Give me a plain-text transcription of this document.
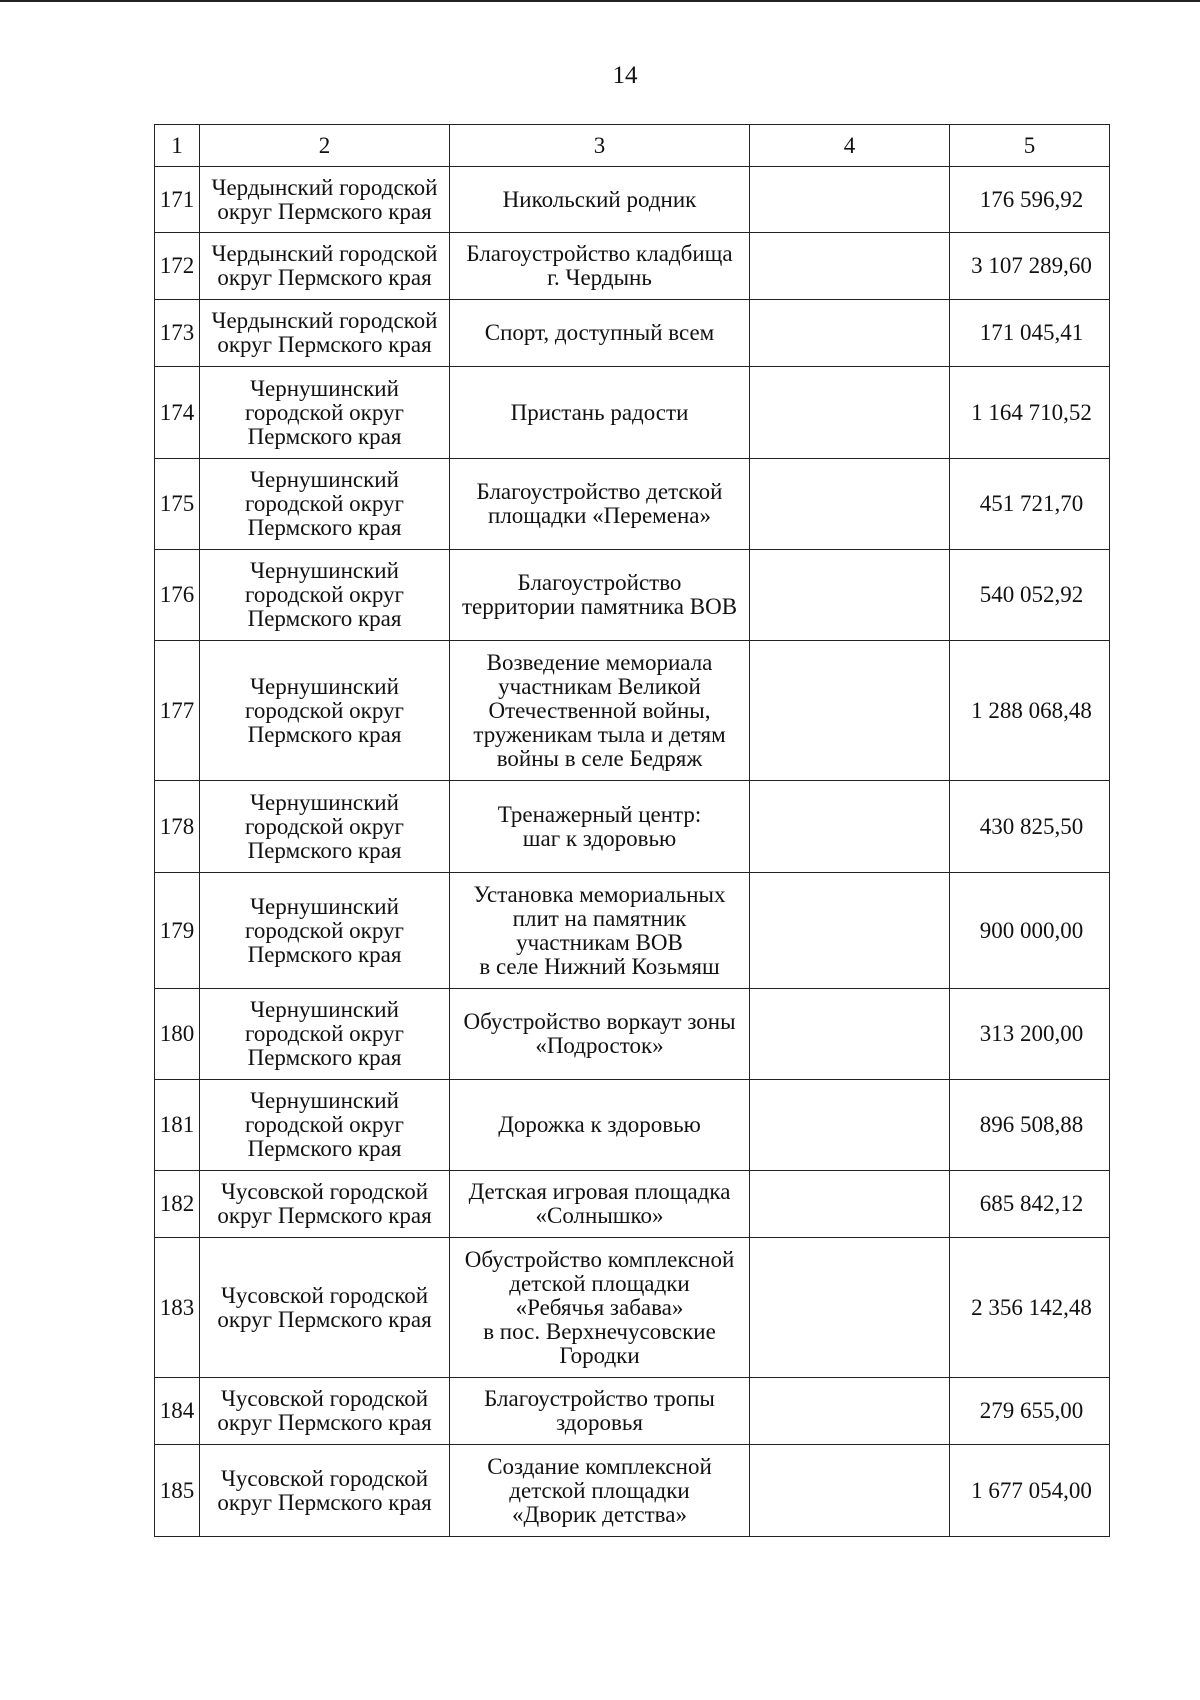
14
1	2	3	4	5

171	Чердынский городской
округ Пермского края	Никольский родник		176 596,92

172	Чердынский городской
округ Пермского края	Благоустройство кладбища
г. Чердынь		3 107 289,60

173	Чердынский городской
округ Пермского края	Спорт, доступный всем		171 045,41

174	Чернушинский
городской округ
Пермского края	Пристань радости		1 164 710,52

175	Чернушинский
городской округ
Пермского края	Благоустройство детской
площадки «Перемена»		451 721,70

176	Чернушинский
городской округ
Пермского края	Благоустройство
территории памятника ВОВ		540 052,92

177	Чернушинский
городской округ
Пермского края	Возведение мемориала
участникам Великой
Отечественной войны,
труженикам тыла и детям
войны в селе Бедряж		1 288 068,48

178	Чернушинский
городской округ
Пермского края	Тренажерный центр:
шаг к здоровью		430 825,50

179	Чернушинский
городской округ
Пермского края	Установка мемориальных
плит на памятник
участникам ВОВ
в селе Нижний Козьмяш		900 000,00

180	Чернушинский
городской округ
Пермского края	Обустройство воркаут зоны
«Подросток»		313 200,00

181	Чернушинский
городской округ
Пермского края	Дорожка к здоровью		896 508,88

182	Чусовской городской
округ Пермского края	Детская игровая площадка
«Солнышко»		685 842,12

183	Чусовской городской
округ Пермского края	Обустройство комплексной
детской площадки
«Ребячья забава»
в пос. Верхнечусовские
Городки		2 356 142,48

184	Чусовской городской
округ Пермского края	Благоустройство тропы
здоровья		279 655,00

185	Чусовской городской
округ Пермского края	Создание комплексной
детской площадки
«Дворик детства»		1 677 054,00
